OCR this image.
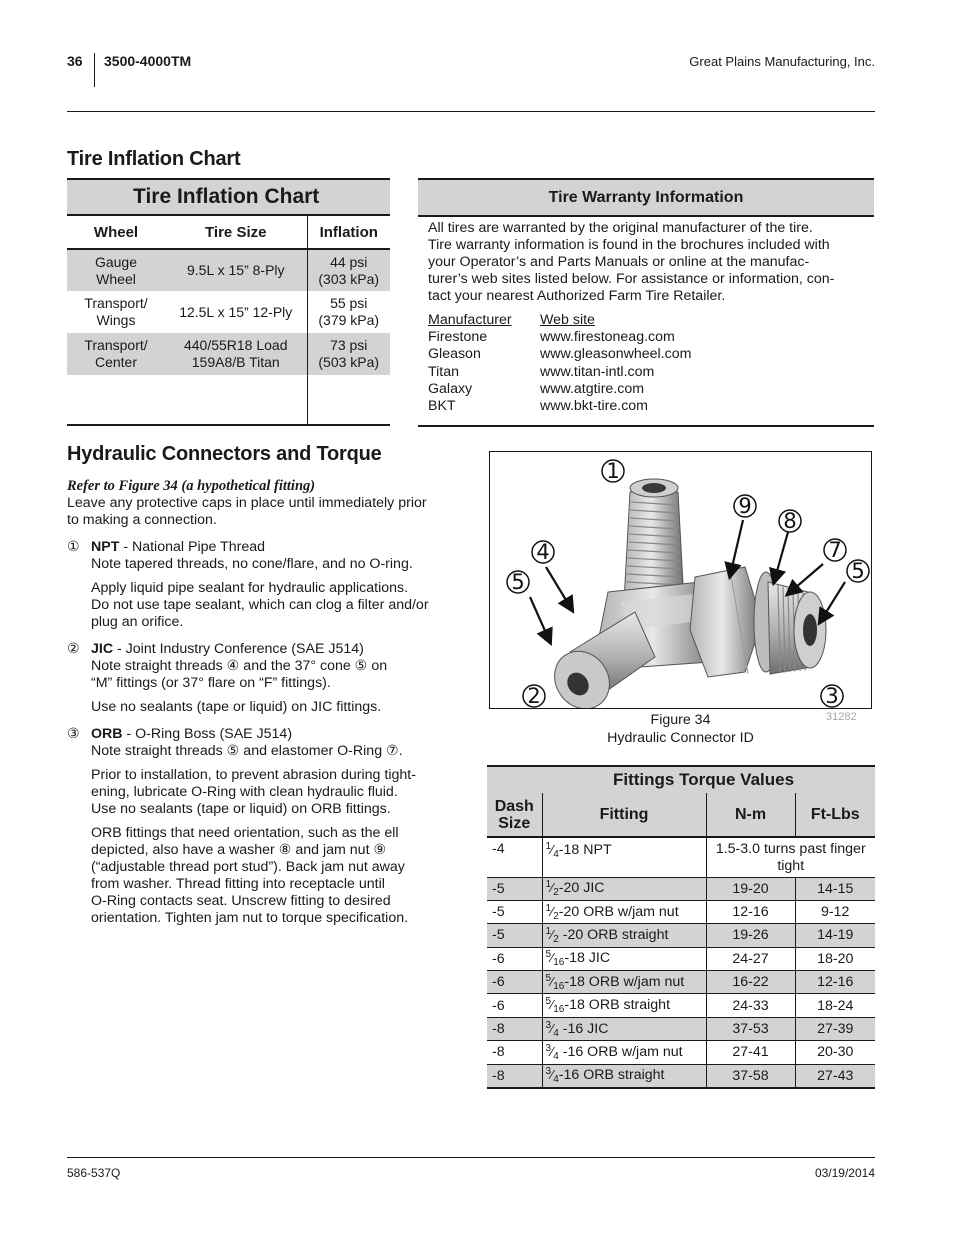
36 3500-4000TM	Great Plains Manufacturing, Inc.
Tire Inflation Chart
Tire Inflation Chart
Wheel	Tire Size	Inflation
Gauge
Wheel	9.5L x 15” 8-Ply	44 psi
(303 kPa)
Transport/
Wings	12.5L x 15” 12-Ply	55 psi
(379 kPa)
Transport/
Center	440/55R18 Load
159A8/B Titan	73 psi
(503 kPa)

Tire Warranty Information
All tires are warranted by the original manufacturer of the tire.
Tire warranty information is found in the brochures included with
your Operator’s and Parts Manuals or online at the manufac-
turer’s web sites listed below. For assistance or information, con-
tact your nearest Authorized Farm Tire Retailer.
Manufacturer	Web site
Firestone	www.firestoneag.com
Gleason	www.gleasonwheel.com
Titan	www.titan-intl.com
Galaxy	www.atgtire.com
BKT	www.bkt-tire.com
Hydraulic Connectors and Torque
Refer to Figure 34 (a hypothetical fitting)
Leave any protective caps in place until immediately prior
to making a connection.
① NPT - National Pipe Thread
Note tapered threads, no cone/flare, and no O-ring.

Apply liquid pipe sealant for hydraulic applications.
Do not use tape sealant, which can clog a filter and/or
plug an orifice.

② JIC - Joint Industry Conference (SAE J514)
Note straight threads ④ and the 37° cone ⑤ on
“M” fittings (or 37° flare on “F” fittings).

Use no sealants (tape or liquid) on JIC fittings.

③ ORB - O-Ring Boss (SAE J514)
Note straight threads ⑤ and elastomer O-Ring ⑦.

Prior to installation, to prevent abrasion during tight-
ening, lubricate O-Ring with clean hydraulic fluid.
Use no sealants (tape or liquid) on ORB fittings.

ORB fittings that need orientation, such as the ell
depicted, also have a washer ⑧ and jam nut ⑨
(“adjustable thread port stud”). Back jam nut away
from washer. Thread fitting into receptacle until
O-Ring contacts seat. Unscrew fitting to desired
orientation. Tighten jam nut to torque specification.

1
9
8
4	7
5	5
2	3
Figure 34
Hydraulic Connector ID
31282
Fittings Torque Values			
Dash
Size	Fitting	N-m	Ft-Lbs
-4	$^1⁄_4-18$ NPT	1.5-3.0 turns past finger
tight	
-5	$^1⁄_2-20$ JIC	19-20	14-15
-5	$^1⁄_2-20$ ORB w/jam nut	12-16	9-12
-5	$^1⁄_2$ -20 ORB straight	19-26	14-19
-6	$^5⁄_{16}-18$ JIC	24-27	18-20
-6	$^5⁄_{16}-18$ ORB w/jam nut	16-22	12-16
-6	$^5⁄_{16}-18$ ORB straight	24-33	18-24
-8	$^3⁄_4$ -16 JIC	37-53	27-39
-8	$^3⁄_4$ -16 ORB w/jam nut	27-41	20-30
-8	$^3⁄_4-16$ ORB straight	37-58	27-43
586-537Q	03/19/2014
